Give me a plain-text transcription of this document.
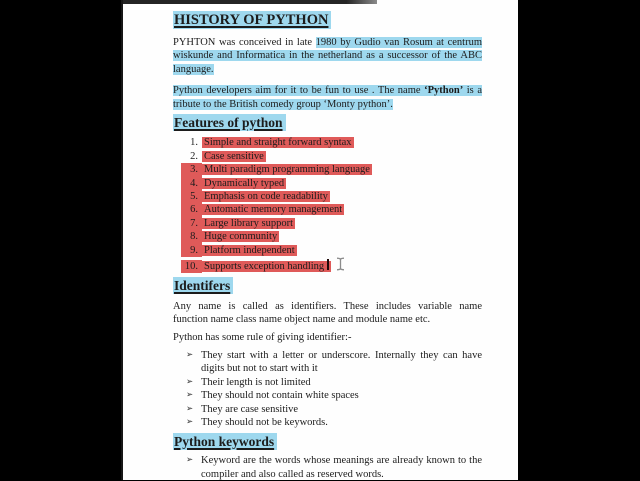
HISTORY OF PYTHON
PYHTON was conceived in late 1980 by Gudio van Rosum at centrum
wiskunde and Informatica in the netherland as a successor of the ABC
language.
Python developers aim for it to be fun to use . The name ‘Python’ is a
tribute to the British comedy group ‘Monty python’.
Features of python
1. Simple and straight forward syntax
2. Case sensitive
3. Multi paradigm programming language
4. Dynamically typed
5. Emphasis on code readability
6. Automatic memory management
7. Large library support
8. Huge community
9. Platform independent
10. Supports exception handling
Identifers
Any name is called as identifiers. These includes variable name
function name class name object name and module name etc.
Python has some rule of giving identifier:-
➢ They start with a letter or underscore. Internally they can have
digits but not to start with it
➢ Their length is not limited
➢ They should not contain white spaces
➢ They are case sensitive
➢ They should not be keywords.
Python keywords
➢ Keyword are the words whose meanings are already known to the
compiler and also called as reserved words.
